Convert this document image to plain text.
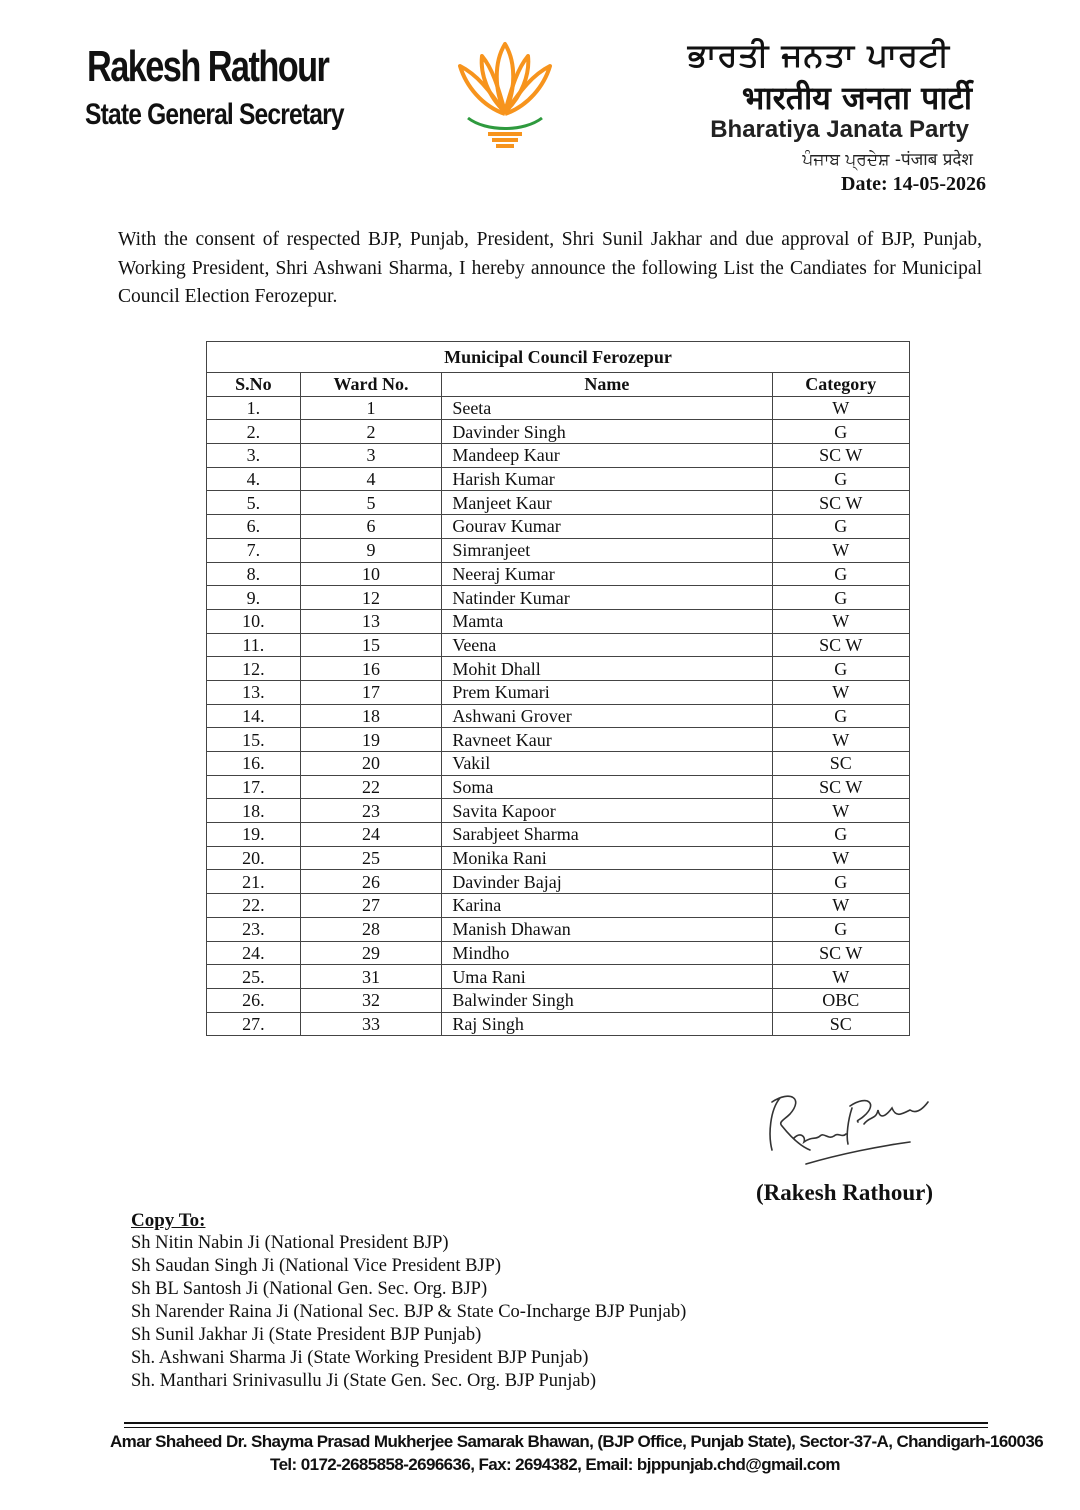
Rakesh Rathour
State General Secretary
ਭਾਰਤੀ ਜਨਤਾ ਪਾਰਟੀ
भारतीय जनता पार्टी
Bharatiya Janata Party
ਪੰਜਾਬ ਪ੍ਰਦੇਸ਼ -पंजाब प्रदेश
Date: 14-05-2026

With the consent of respected BJP, Punjab, President, Shri Sunil Jakhar and due approval of BJP, Punjab, Working President, Shri Ashwani Sharma, I hereby announce the following List the Candiates for Municipal Council Election Ferozepur.

Municipal Council Ferozepur			
S.No	Ward No.	Name	Category
1.	1	Seeta	W
2.	2	Davinder Singh	G
3.	3	Mandeep Kaur	SC W
4.	4	Harish Kumar	G
5.	5	Manjeet Kaur	SC W
6.	6	Gourav Kumar	G
7.	9	Simranjeet	W
8.	10	Neeraj Kumar	G
9.	12	Natinder Kumar	G
10.	13	Mamta	W
11.	15	Veena	SC W
12.	16	Mohit Dhall	G
13.	17	Prem Kumari	W
14.	18	Ashwani Grover	G
15.	19	Ravneet Kaur	W
16.	20	Vakil	SC
17.	22	Soma	SC W
18.	23	Savita Kapoor	W
19.	24	Sarabjeet Sharma	G
20.	25	Monika Rani	W
21.	26	Davinder Bajaj	G
22.	27	Karina	W
23.	28	Manish Dhawan	G
24.	29	Mindho	SC W
25.	31	Uma Rani	W
26.	32	Balwinder Singh	OBC
27.	33	Raj Singh	SC
(Rakesh Rathour)
Copy To:
Sh Nitin Nabin Ji (National President BJP)
Sh Saudan Singh Ji (National Vice President BJP)
Sh BL Santosh Ji (National Gen. Sec. Org. BJP)
Sh Narender Raina Ji (National Sec. BJP & State Co-Incharge BJP Punjab)
Sh Sunil Jakhar Ji (State President BJP Punjab)
Sh. Ashwani Sharma Ji (State Working President BJP Punjab)
Sh. Manthari Srinivasullu Ji (State Gen. Sec. Org. BJP Punjab)
Amar Shaheed Dr. Shayma Prasad Mukherjee Samarak Bhawan, (BJP Office, Punjab State), Sector-37-A, Chandigarh-160036
Tel: 0172-2685858-2696636, Fax: 2694382, Email: bjppunjab.chd@gmail.com
